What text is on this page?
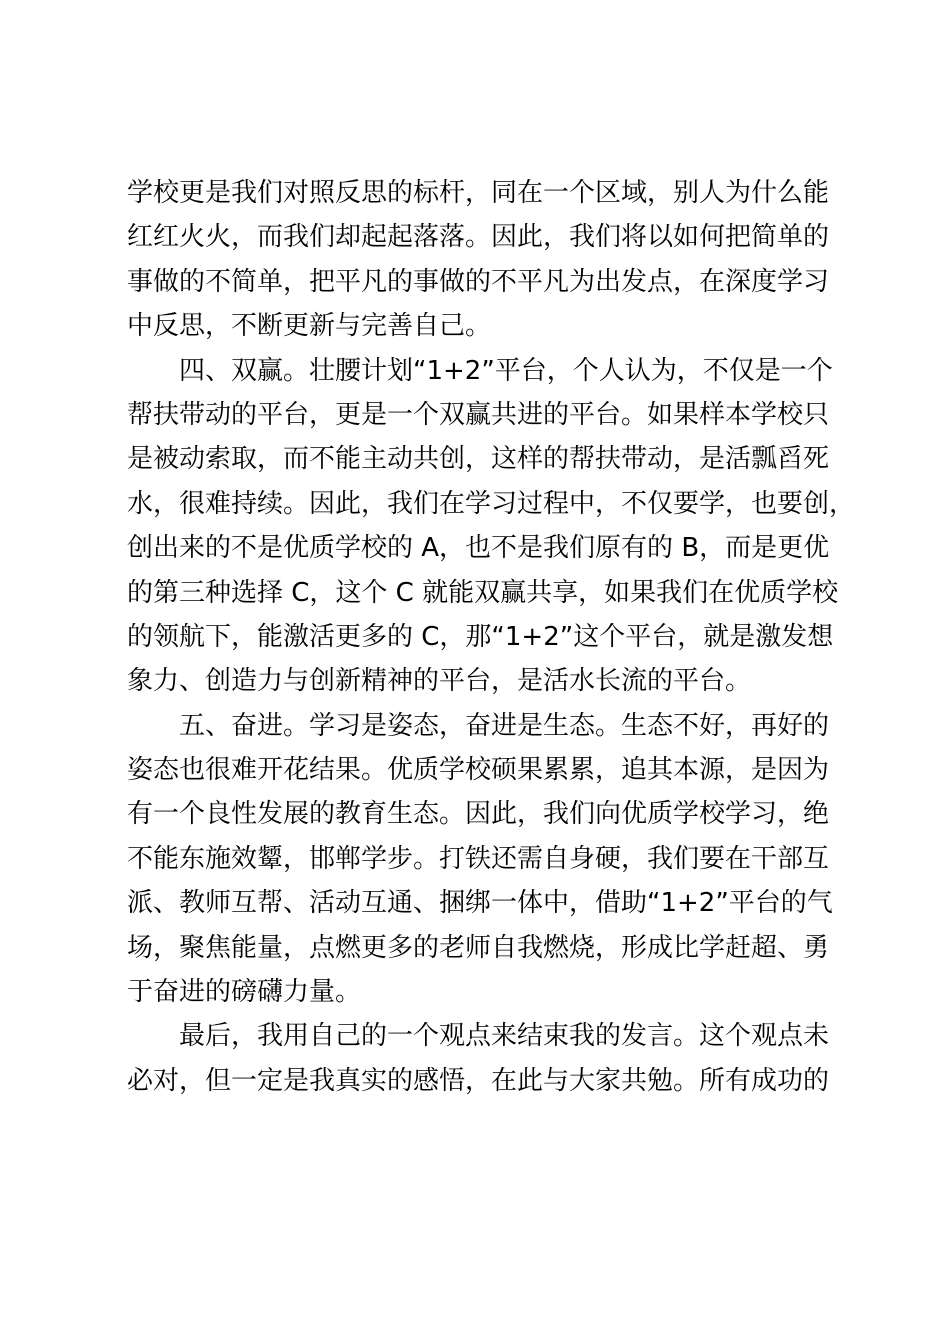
学校更是我们对照反思的标杆，同在一个区域，别人为什么能
红红火火，而我们却起起落落。因此，我们将以如何把简单的
事做的不简单，把平凡的事做的不平凡为出发点，在深度学习
中反思，不断更新与完善自己。
四、双赢。壮腰计划“1+2”平台，个人认为，不仅是一个
帮扶带动的平台，更是一个双赢共进的平台。如果样本学校只
是被动索取，而不能主动共创，这样的帮扶带动，是活瓢舀死
水，很难持续。因此，我们在学习过程中，不仅要学，也要创，
创出来的不是优质学校的 A，也不是我们原有的 B，而是更优
的第三种选择 C，这个 C 就能双赢共享，如果我们在优质学校
的领航下，能激活更多的 C，那“1+2”这个平台，就是激发想
象力、创造力与创新精神的平台，是活水长流的平台。
五、奋进。学习是姿态，奋进是生态。生态不好，再好的
姿态也很难开花结果。优质学校硕果累累，追其本源，是因为
有一个良性发展的教育生态。因此，我们向优质学校学习，绝
不能东施效颦，邯郸学步。打铁还需自身硬，我们要在干部互
派、教师互帮、活动互通、捆绑一体中，借助“1+2”平台的气
场，聚焦能量，点燃更多的老师自我燃烧，形成比学赶超、勇
于奋进的磅礴力量。
最后，我用自己的一个观点来结束我的发言。这个观点未
必对，但一定是我真实的感悟，在此与大家共勉。所有成功的
